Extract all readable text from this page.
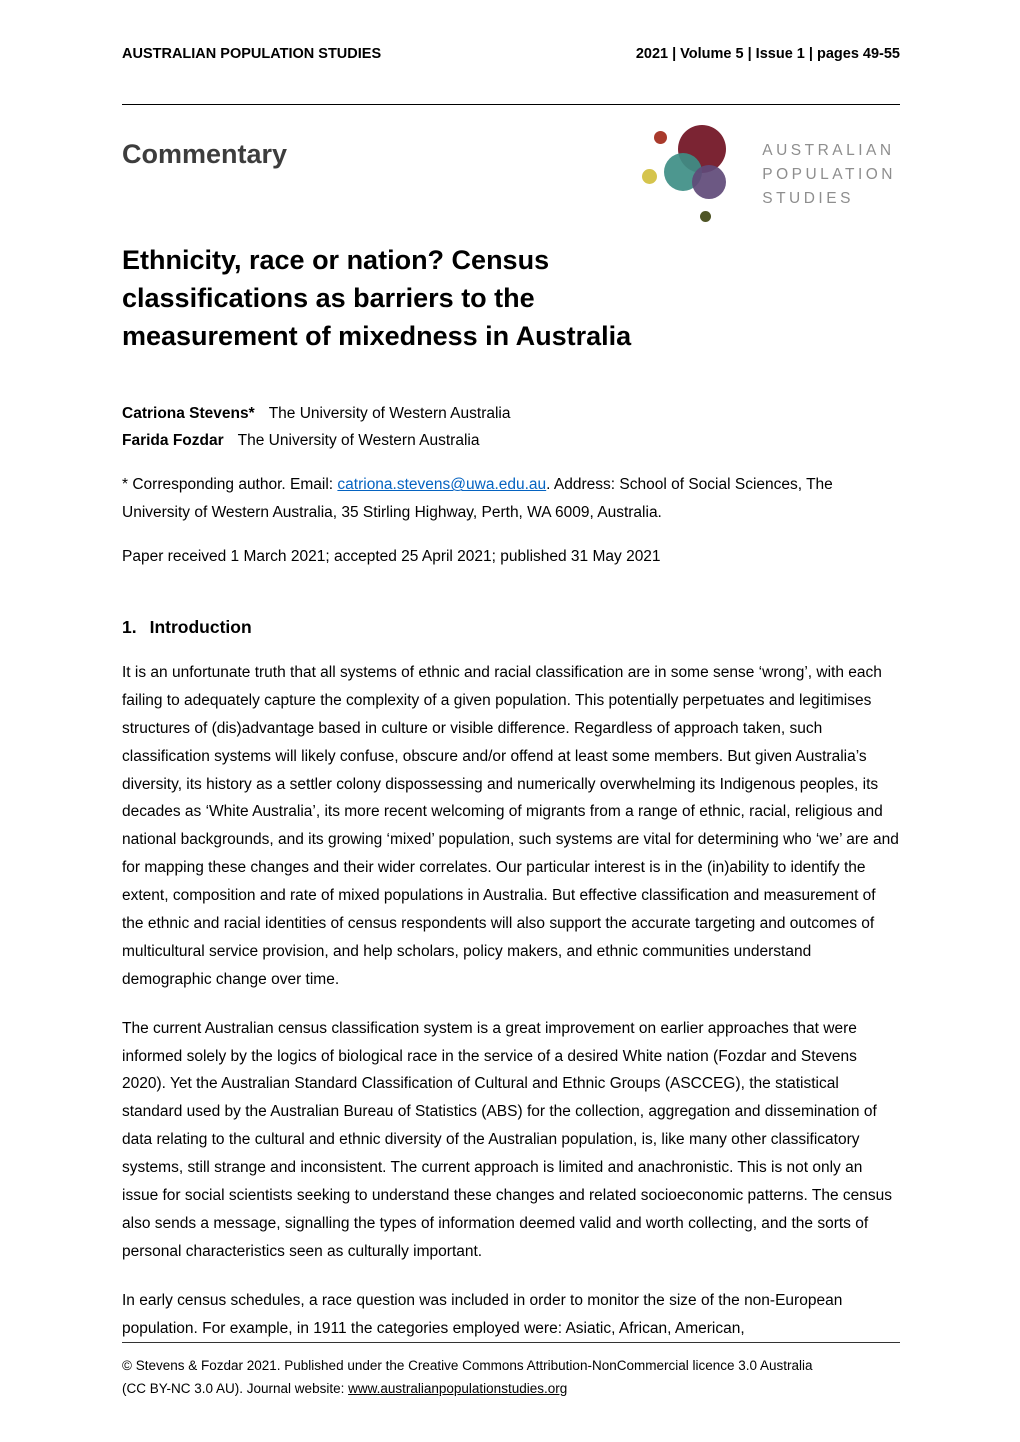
AUSTRALIAN POPULATION STUDIES	2021 | Volume 5 | Issue 1 | pages 49-55
Commentary	AUSTRALIAN
POPULATION
STUDIES
Ethnicity, race or nation? Census classifications as barriers to the measurement of mixedness in Australia
Catriona Stevens* The University of Western Australia
Farida Fozdar The University of Western Australia

* Corresponding author. Email: catriona.stevens@uwa.edu.au. Address: School of Social Sciences, The University of Western Australia, 35 Stirling Highway, Perth, WA 6009, Australia.

Paper received 1 March 2021; accepted 25 April 2021; published 31 May 2021

1. Introduction

It is an unfortunate truth that all systems of ethnic and racial classification are in some sense ‘wrong’, with each failing to adequately capture the complexity of a given population. This potentially perpetuates and legitimises structures of (dis)advantage based in culture or visible difference. Regardless of approach taken, such classification systems will likely confuse, obscure and/or offend at least some members. But given Australia’s diversity, its history as a settler colony dispossessing and numerically overwhelming its Indigenous peoples, its decades as ‘White Australia’, its more recent welcoming of migrants from a range of ethnic, racial, religious and national backgrounds, and its growing ‘mixed’ population, such systems are vital for determining who ‘we’ are and for mapping these changes and their wider correlates. Our particular interest is in the (in)ability to identify the extent, composition and rate of mixed populations in Australia. But effective classification and measurement of the ethnic and racial identities of census respondents will also support the accurate targeting and outcomes of multicultural service provision, and help scholars, policy makers, and ethnic communities understand demographic change over time.

The current Australian census classification system is a great improvement on earlier approaches that were informed solely by the logics of biological race in the service of a desired White nation (Fozdar and Stevens 2020). Yet the Australian Standard Classification of Cultural and Ethnic Groups (ASCCEG), the statistical standard used by the Australian Bureau of Statistics (ABS) for the collection, aggregation and dissemination of data relating to the cultural and ethnic diversity of the Australian population, is, like many other classificatory systems, still strange and inconsistent. The current approach is limited and anachronistic. This is not only an issue for social scientists seeking to understand these changes and related socioeconomic patterns. The census also sends a message, signalling the types of information deemed valid and worth collecting, and the sorts of personal characteristics seen as culturally important.

In early census schedules, a race question was included in order to monitor the size of the non-European population. For example, in 1911 the categories employed were: Asiatic, African, American,

© Stevens & Fozdar 2021. Published under the Creative Commons Attribution-NonCommercial licence 3.0 Australia
(CC BY-NC 3.0 AU). Journal website: www.australianpopulationstudies.org
